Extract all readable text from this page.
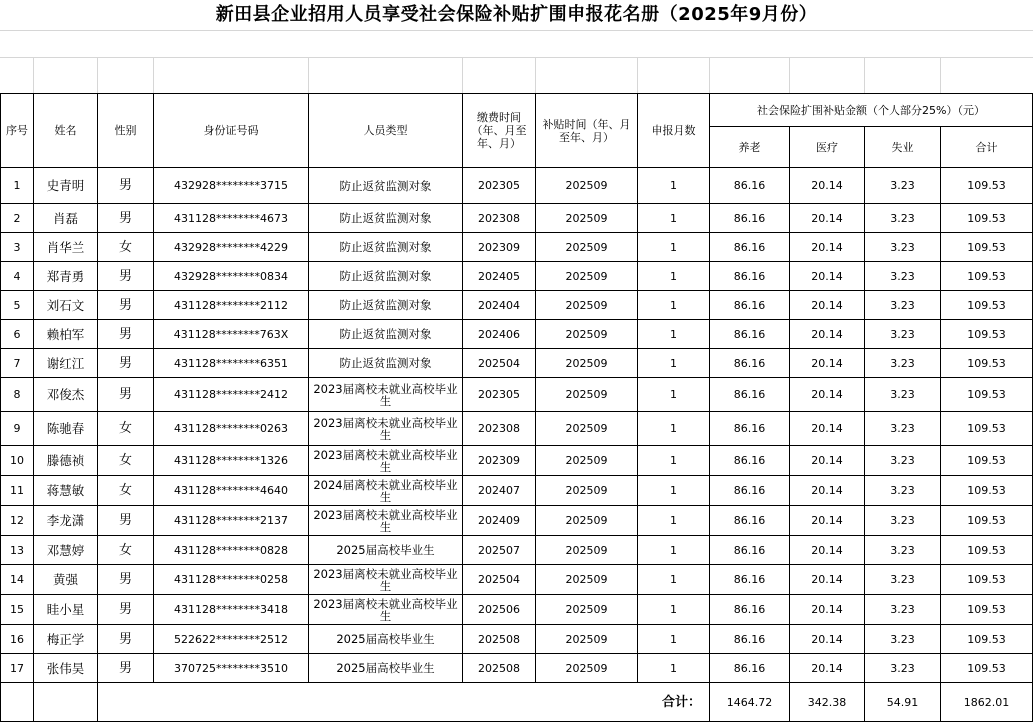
新田县企业招用人员享受社会保险补贴扩围申报花名册（2025年9月份）
序号	姓名	性别	身份证号码	人员类型	缴费时间（年、月至年、月）	补贴时间（年、月至年、月）	申报月数	社会保险扩围补贴金额（个人部分25%）（元）			
								养老	医疗	失业	合计
1	史青明	男	432928********3715	防止返贫监测对象	202305	202509	1	86.16	20.14	3.23	109.53
2	肖磊	男	431128********4673	防止返贫监测对象	202308	202509	1	86.16	20.14	3.23	109.53
3	肖华兰	女	432928********4229	防止返贫监测对象	202309	202509	1	86.16	20.14	3.23	109.53
4	郑青勇	男	432928********0834	防止返贫监测对象	202405	202509	1	86.16	20.14	3.23	109.53
5	刘石文	男	431128********2112	防止返贫监测对象	202404	202509	1	86.16	20.14	3.23	109.53
6	赖柏军	男	431128********763X	防止返贫监测对象	202406	202509	1	86.16	20.14	3.23	109.53
7	谢红江	男	431128********6351	防止返贫监测对象	202504	202509	1	86.16	20.14	3.23	109.53
8	邓俊杰	男	431128********2412	2023届离校未就业高校毕业生	202305	202509	1	86.16	20.14	3.23	109.53
9	陈驰春	女	431128********0263	2023届离校未就业高校毕业生	202308	202509	1	86.16	20.14	3.23	109.53
10	滕德祯	女	431128********1326	2023届离校未就业高校毕业生	202309	202509	1	86.16	20.14	3.23	109.53
11	蒋慧敏	女	431128********4640	2024届离校未就业高校毕业生	202407	202509	1	86.16	20.14	3.23	109.53
12	李龙潇	男	431128********2137	2023届离校未就业高校毕业生	202409	202509	1	86.16	20.14	3.23	109.53
13	邓慧婷	女	431128********0828	2025届高校毕业生	202507	202509	1	86.16	20.14	3.23	109.53
14	黄强	男	431128********0258	2023届离校未就业高校毕业生	202504	202509	1	86.16	20.14	3.23	109.53
15	眭小星	男	431128********3418	2023届离校未就业高校毕业生	202506	202509	1	86.16	20.14	3.23	109.53
16	梅正学	男	522622********2512	2025届高校毕业生	202508	202509	1	86.16	20.14	3.23	109.53
17	张伟昊	男	370725********3510	2025届高校毕业生	202508	202509	1	86.16	20.14	3.23	109.53
		合计：						1464.72	342.38	54.91	1862.01
